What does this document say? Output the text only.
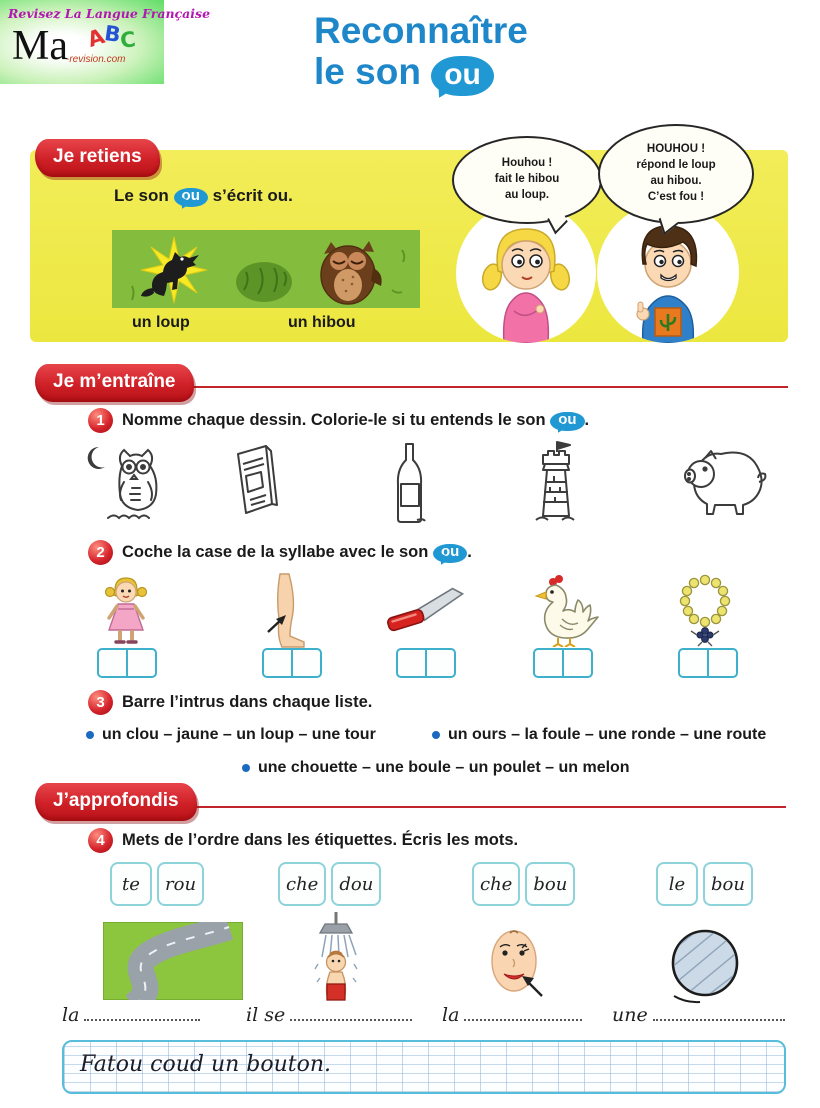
Revisez La Langue Française
Ma
-revision.com
ABC	Reconnaître
le son ou
Je retiens
Le son ou s’écrit ou.
un loup	un hibou
Houhou !
fait le hibou
au loup.
HOUHOU !
répond le loup
au hibou.
C’est fou !
Je m’entraîne
1	Nomme chaque dessin. Colorie-le si tu entends le son ou .
2	Coche la case de la syllabe avec le son ou .
3	Barre l’intrus dans chaque liste.
un clou – jaune – un loup – une tour	un ours – la foule – une ronde – une route
une chouette – une boule – un poulet – un melon
J’approfondis
4	Mets de l’ordre dans les étiquettes. Écris les mots.
te	rou	che	dou	che	bou	le	bou
la	il se	la	une
Fatou coud un bouton.
